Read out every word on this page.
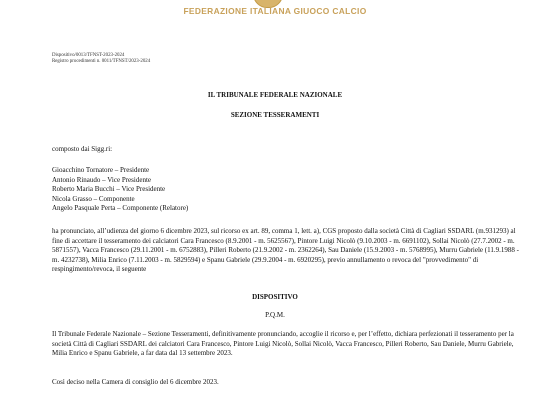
FEDERAZIONE ITALIANA GIUOCO CALCIO
Dispositivo/0013/TFNST-2023-2024
Registro procedimenti n. 0011/TFNST/2023-2024
IL TRIBUNALE FEDERALE NAZIONALE
SEZIONE TESSERAMENTI
composto dai Sigg.ri:
Gioacchino Tornatore – Presidente
Antonio Rinaudo – Vice Presidente
Roberto Maria Bucchi – Vice Presidente
Nicola Grasso – Componente
Angelo Pasquale Perta – Componente (Relatore)
ha pronunciato, all’udienza del giorno 6 dicembre 2023, sul ricorso ex art. 89, comma 1, lett. a), CGS proposto dalla società Città di Cagliari SSDARL (m.931293) al fine di accettare il tesseramento dei calciatori Cara Francesco (8.9.2001 - m. 5625567), Pintore Luigi Nicolò (9.10.2003 - m. 6691102), Sollai Nicolò (27.7.2002 - m. 5871557), Vacca Francesco (29.11.2001 - m. 6752883), Pilleri Roberto (21.9.2002 - m. 2362264), Sau Daniele (15.9.2003 - m. 5768995), Murru Gabriele (11.9.1988 - m. 4232738), Milia Enrico (7.11.2003 - m. 5829594) e Spanu Gabriele (29.9.2004 - m. 6920295), previo annullamento o revoca del "provvedimento" di respingimento/revoca, il seguente
DISPOSITIVO
P.Q.M.
Il Tribunale Federale Nazionale – Sezione Tesseramenti, definitivamente pronunciando, accoglie il ricorso e, per l’effetto, dichiara perfezionati il tesseramento per la società Città di Cagliari SSDARL dei calciatori Cara Francesco, Pintore Luigi Nicolò, Sollai Nicolò, Vacca Francesco, Pilleri Roberto, Sau Daniele, Murru Gabriele, Milia Enrico e Spanu Gabriele, a far data dal 13 settembre 2023.
Così deciso nella Camera di consiglio del 6 dicembre 2023.
